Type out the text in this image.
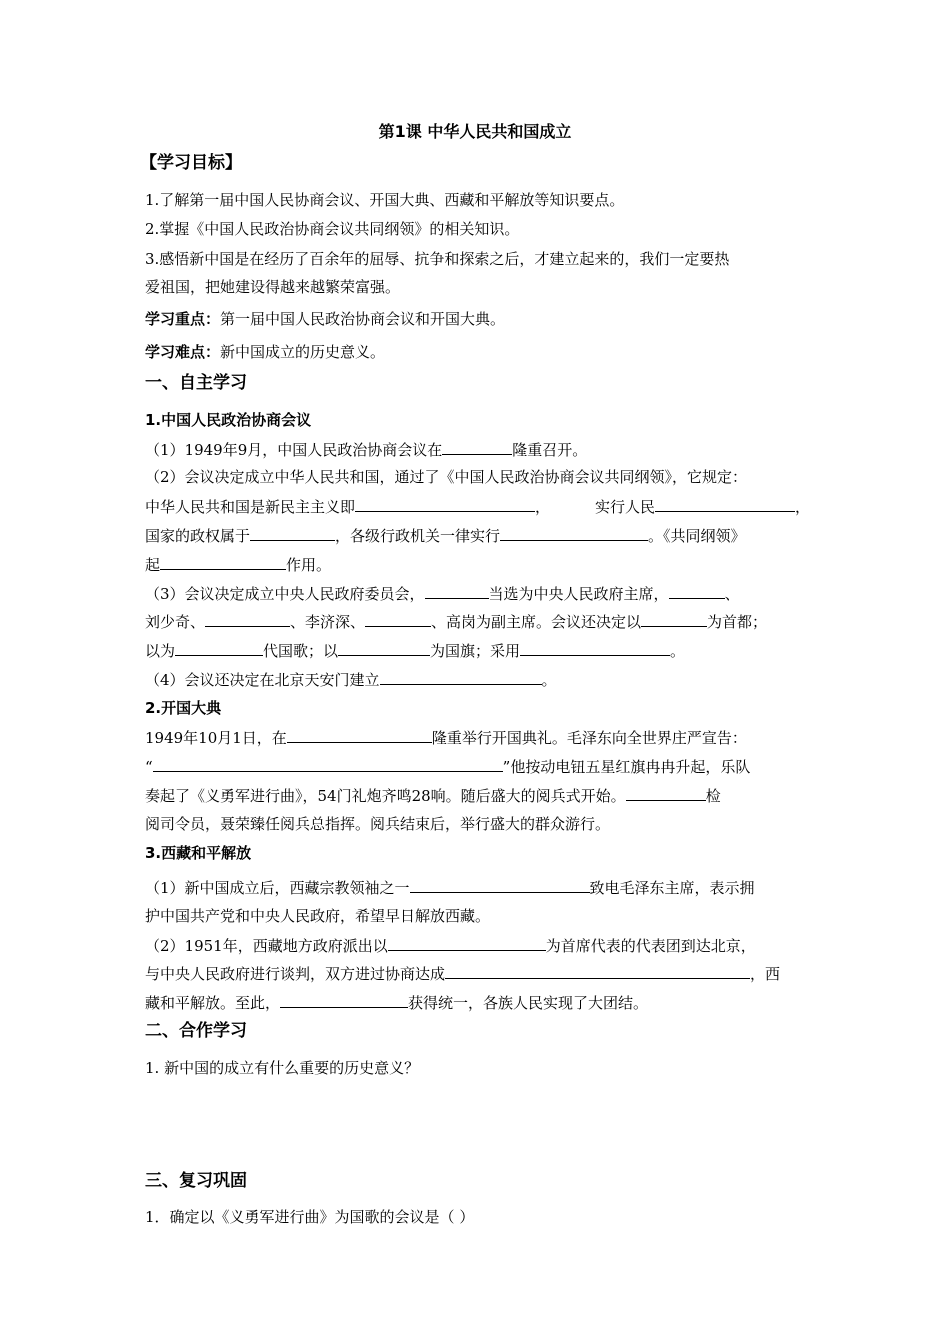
第1课 中华人民共和国成立
【学习目标】
1.了解第一届中国人民协商会议、开国大典、西藏和平解放等知识要点。
2.掌握《中国人民政治协商会议共同纲领》的相关知识。
3.感悟新中国是在经历了百余年的屈辱、抗争和探索之后，才建立起来的，我们一定要热
爱祖国，把她建设得越来越繁荣富强。
学习重点：第一届中国人民政治协商会议和开国大典。
学习难点：新中国成立的历史意义。
一、自主学习
1.中国人民政治协商会议
（1）1949年9月，中国人民政治协商会议在	隆重召开。
（2）会议决定成立中华人民共和国，通过了《中国人民政治协商会议共同纲领》，它规定：
中华人民共和国是新民主主义即	，	实行人民	，
国家的政权属于	，各级行政机关一律实行	。《共同纲领》
起	作用。
（3）会议决定成立中央人民政府委员会，	当选为中央人民政府主席，	、
刘少奇、	、李济深、	、高岗为副主席。会议还决定以	为首都；
以为	代国歌；以	为国旗；采用	。
（4）会议还决定在北京天安门建立	。
2.开国大典
1949年10月1日，在	隆重举行开国典礼。毛泽东向全世界庄严宣告：
“	”他按动电钮五星红旗冉冉升起，乐队
奏起了《义勇军进行曲》，54门礼炮齐鸣28响。随后盛大的阅兵式开始。	检
阅司令员，聂荣臻任阅兵总指挥。阅兵结束后，举行盛大的群众游行。
3.西藏和平解放
（1）新中国成立后，西藏宗教领袖之一	致电毛泽东主席，表示拥
护中国共产党和中央人民政府，希望早日解放西藏。
（2）1951年，西藏地方政府派出以	为首席代表的代表团到达北京，
与中央人民政府进行谈判，双方进过协商达成	，西
藏和平解放。至此，	获得统一，各族人民实现了大团结。
二、合作学习
1. 新中国的成立有什么重要的历史意义？
三、复习巩固
1．确定以《义勇军进行曲》为国歌的会议是（ ）
